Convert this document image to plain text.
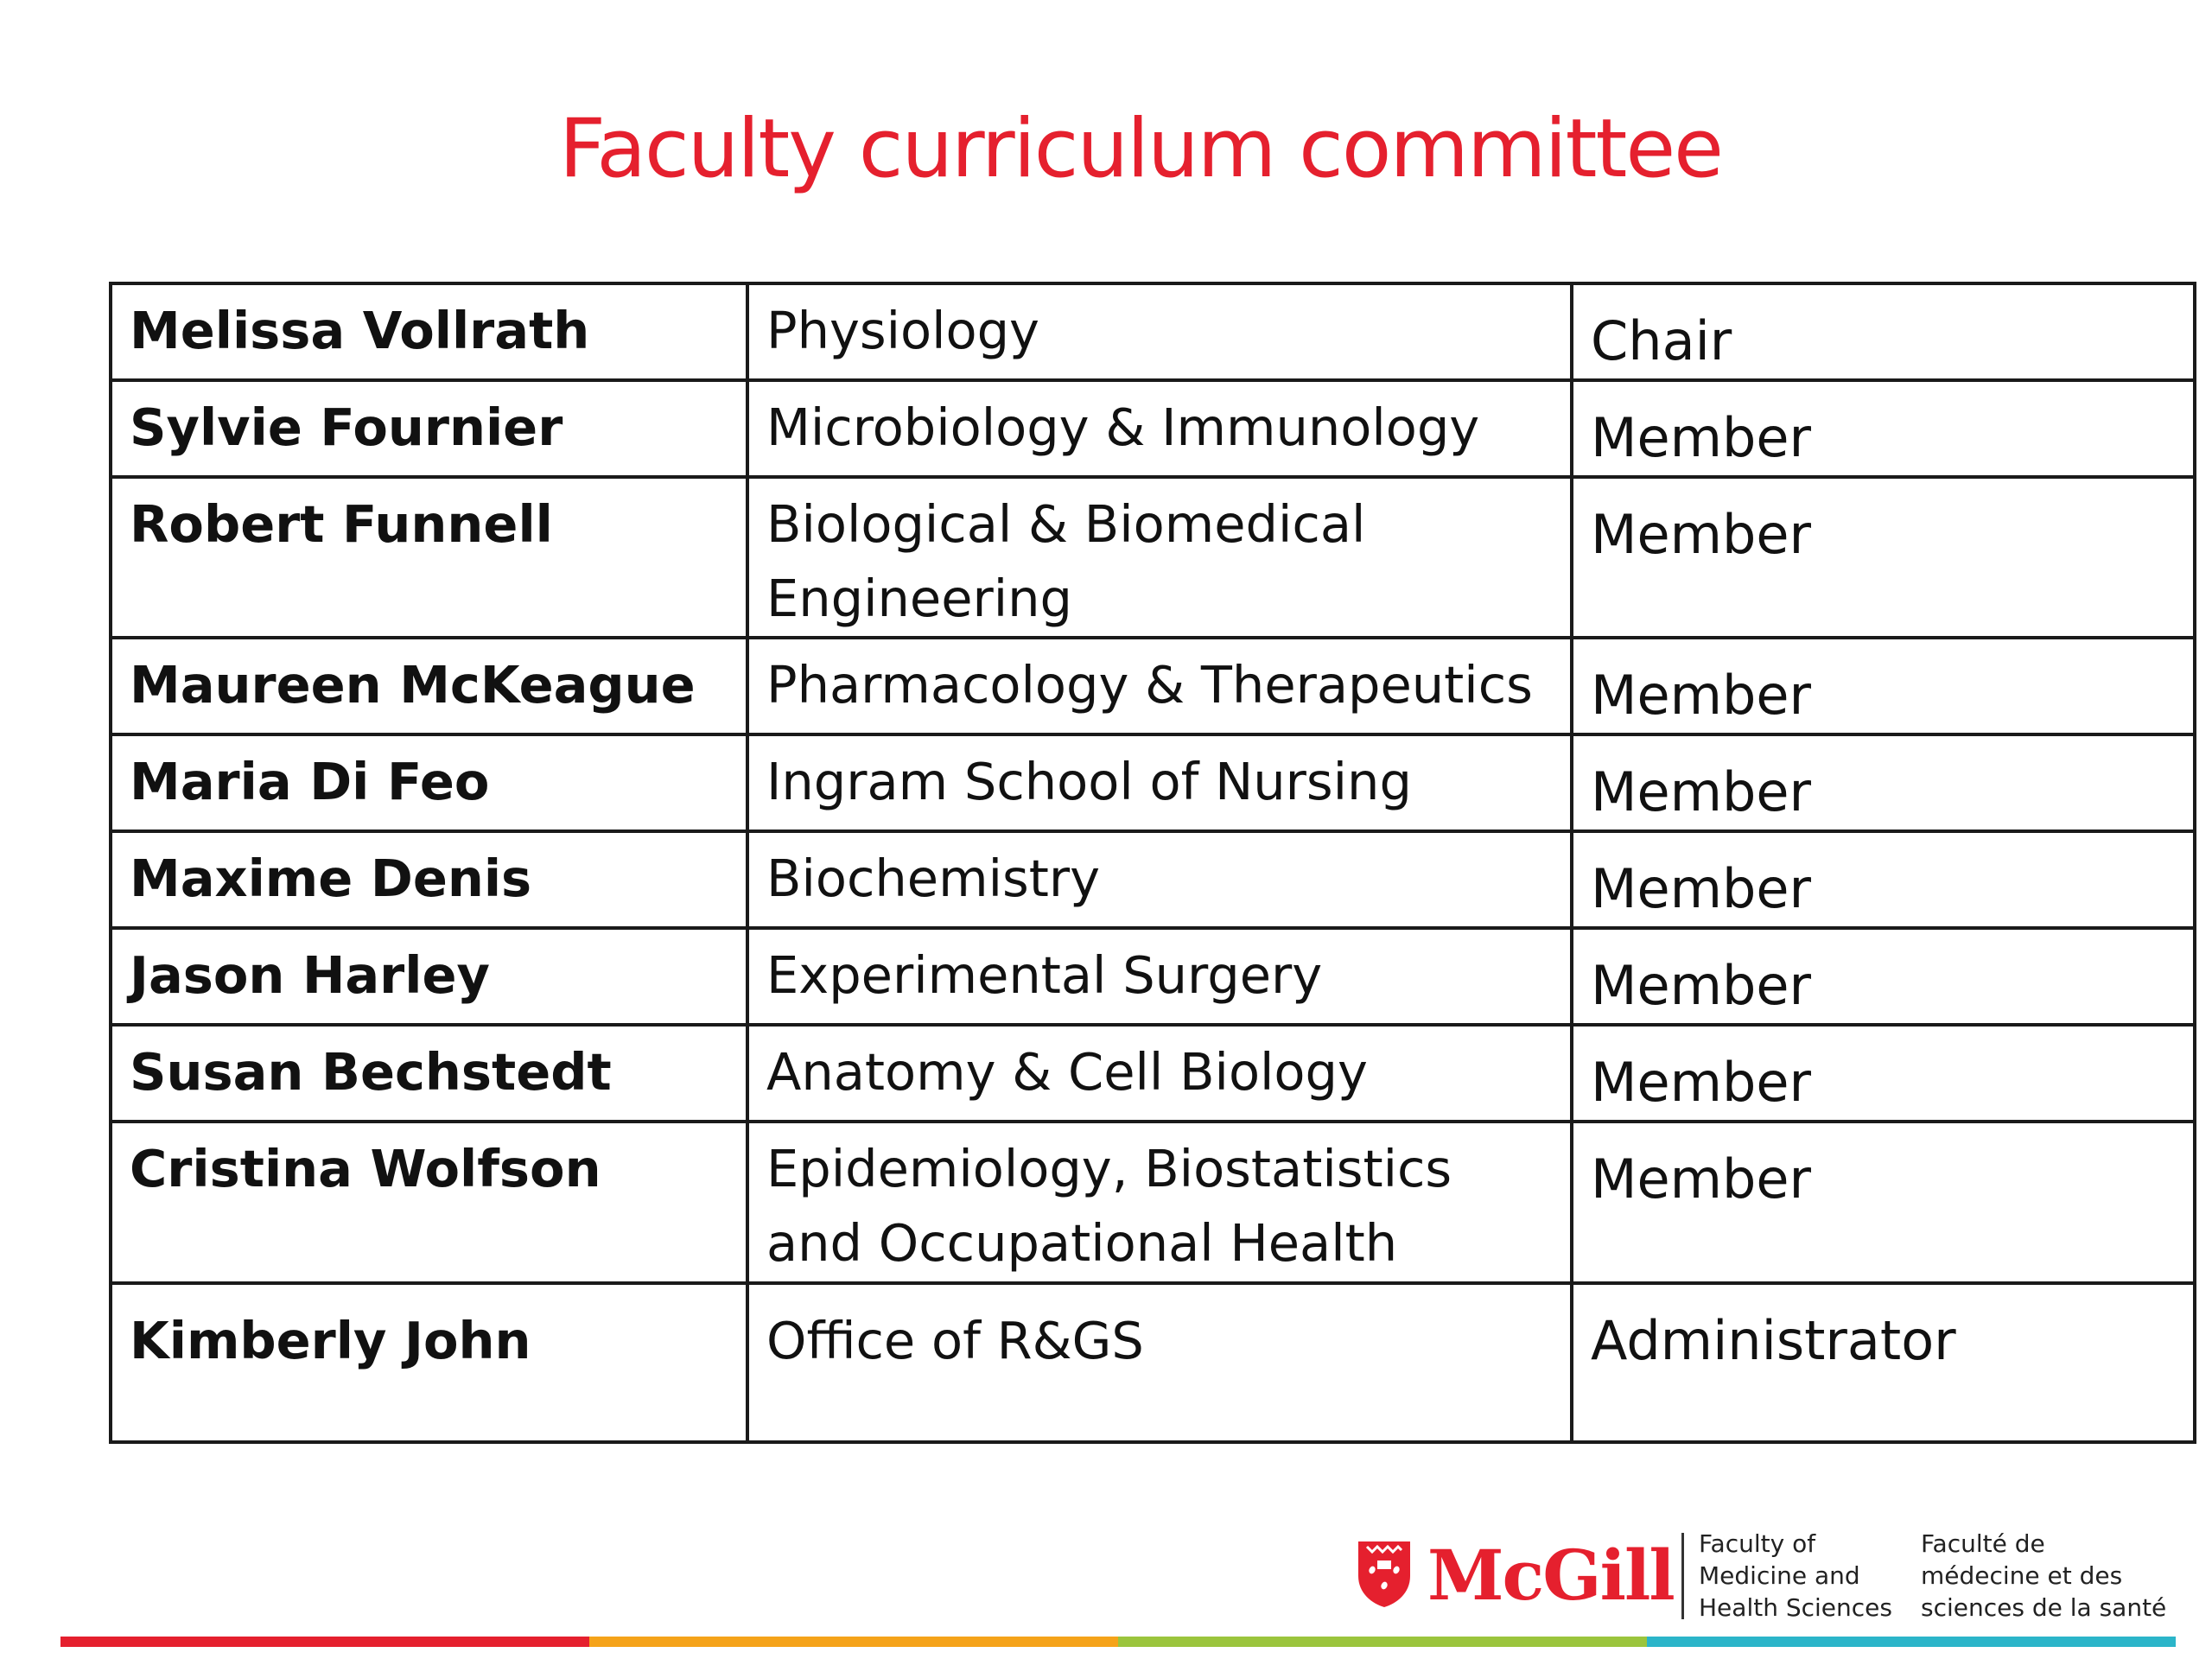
Faculty curriculum committee
Melissa Vollrath	Physiology	Chair

Sylvie Fournier	Microbiology & Immunology	Member

Robert Funnell	Biological & Biomedical Engineering	Member

Maureen McKeague	Pharmacology & Therapeutics	Member

Maria Di Feo	Ingram School of Nursing	Member

Maxime Denis	Biochemistry	Member

Jason Harley	Experimental Surgery	Member

Susan Bechstedt	Anatomy & Cell Biology	Member

Cristina Wolfson	Epidemiology, Biostatistics and Occupational Health	Member

Kimberly John	Office of R&GS	Administrator
McGill Faculty of
Medicine and
Health Sciences
Faculté de
médecine et des
sciences de la santé
